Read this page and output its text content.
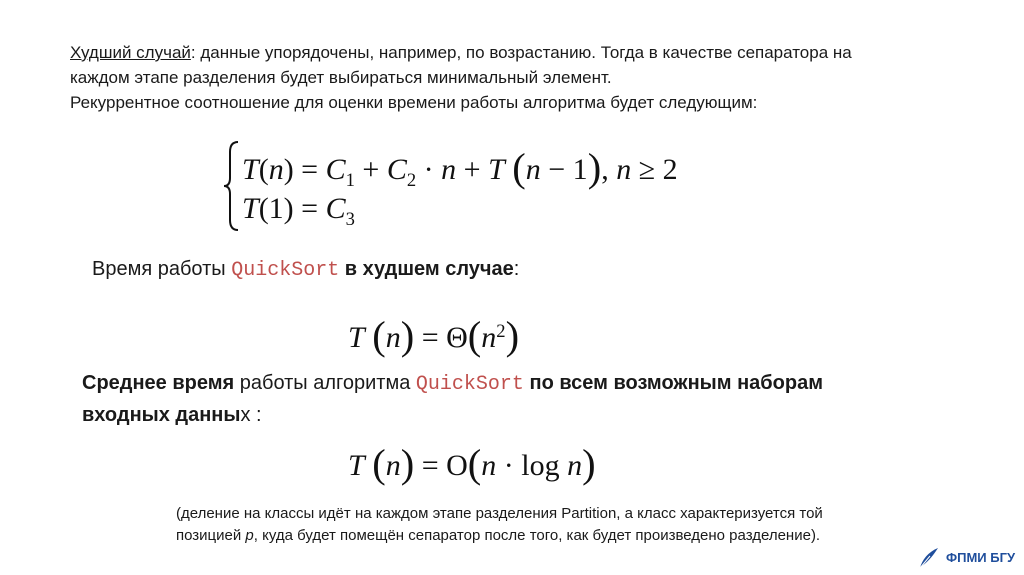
Худший случай: данные упорядочены, например, по возрастанию. Тогда в качестве сепаратора на
каждом этапе разделения будет выбираться минимальный элемент.
Рекуррентное соотношение для оценки времени работы алгоритма будет следующим:
$T(n) = C_1 + C_2 \cdot n + T$ (n − 1), n ≥ 2
$T(1) = C_3$
Время работы QuickSort в худшем случае:
T $(n) = \Theta(n^2)$
Среднее время работы алгоритма QuickSort по всем возможным наборам
входных данных :
T (n) = O(n · log n)
(деление на классы идёт на каждом этапе разделения Partition, а класс характеризуется той
позицией p, куда будет помещён сепаратор после того, как будет произведено разделение).
ФПМИ БГУ
